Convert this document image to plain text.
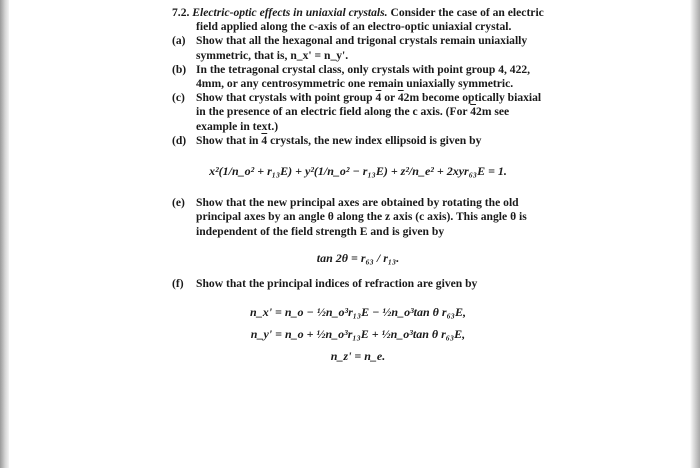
7.2. Electric-optic effects in uniaxial crystals. Consider the case of an electric field applied along the c-axis of an electro-optic uniaxial crystal.
(a) Show that all the hexagonal and trigonal crystals remain uniaxially symmetric, that is, n_x' = n_y'.
(b) In the tetragonal crystal class, only crystals with point group 4, 422, 4mm, or any centrosymmetric one remain uniaxially symmetric.
(c) Show that crystals with point group 4 or 42m become optically biaxial in the presence of an electric field along the c axis. (For 42m see example in text.)
(d) Show that in 4 crystals, the new index ellipsoid is given by
x²(1/n_o² + r₁₃E) + y²(1/n_o² − r₁₃E) + z²/n_e² + 2xyr₆₃E = 1.
(e) Show that the new principal axes are obtained by rotating the old principal axes by an angle θ along the z axis (c axis). This angle θ is independent of the field strength E and is given by
tan 2θ = r₆₃ / r₁₃.
(f) Show that the principal indices of refraction are given by
n_x' = n_o − ½n_o³r₁₃E − ½n_o³tan θ r₆₃E,
n_y' = n_o + ½n_o³r₁₃E + ½n_o³tan θ r₆₃E,
n_z' = n_e.
